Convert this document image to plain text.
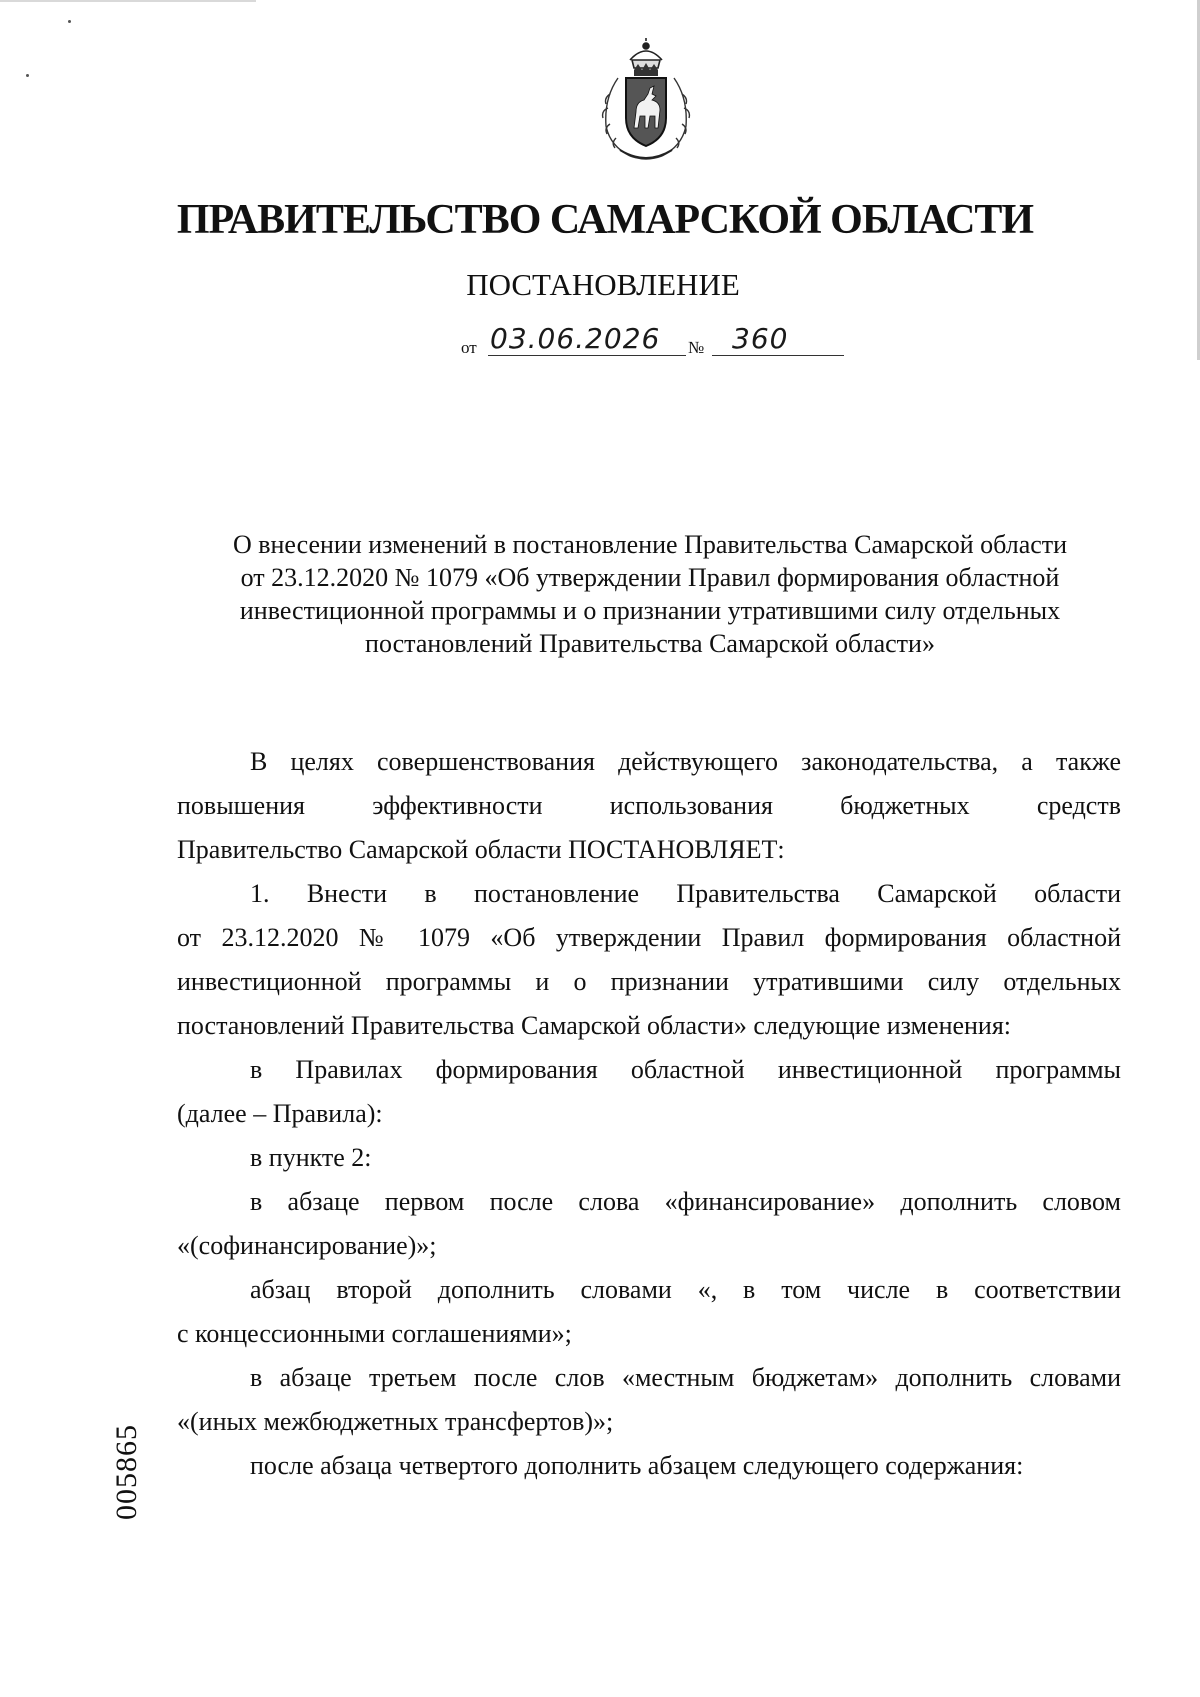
ПРАВИТЕЛЬСТВО САМАРСКОЙ ОБЛАСТИ
ПОСТАНОВЛЕНИЕ
от 03.06.2026 № 360
О внесении изменений в постановление Правительства Самарской области
от 23.12.2020 № 1079 «Об утверждении Правил формирования областной
инвестиционной программы и о признании утратившими силу отдельных
постановлений Правительства Самарской области»
В целях совершенствования действующего законодательства, а также
повышения эффективности использования бюджетных средств
Правительство Самарской области ПОСТАНОВЛЯЕТ:
1. Внести в постановление Правительства Самарской области
от 23.12.2020 № 1079 «Об утверждении Правил формирования областной
инвестиционной программы и о признании утратившими силу отдельных
постановлений Правительства Самарской области» следующие изменения:
в Правилах формирования областной инвестиционной программы
(далее – Правила):
в пункте 2:
в абзаце первом после слова «финансирование» дополнить словом
«(софинансирование)»;
абзац второй дополнить словами «, в том числе в соответствии
с концессионными соглашениями»;
в абзаце третьем после слов «местным бюджетам» дополнить словами
«(иных межбюджетных трансфертов)»;
после абзаца четвертого дополнить абзацем следующего содержания:
005865
